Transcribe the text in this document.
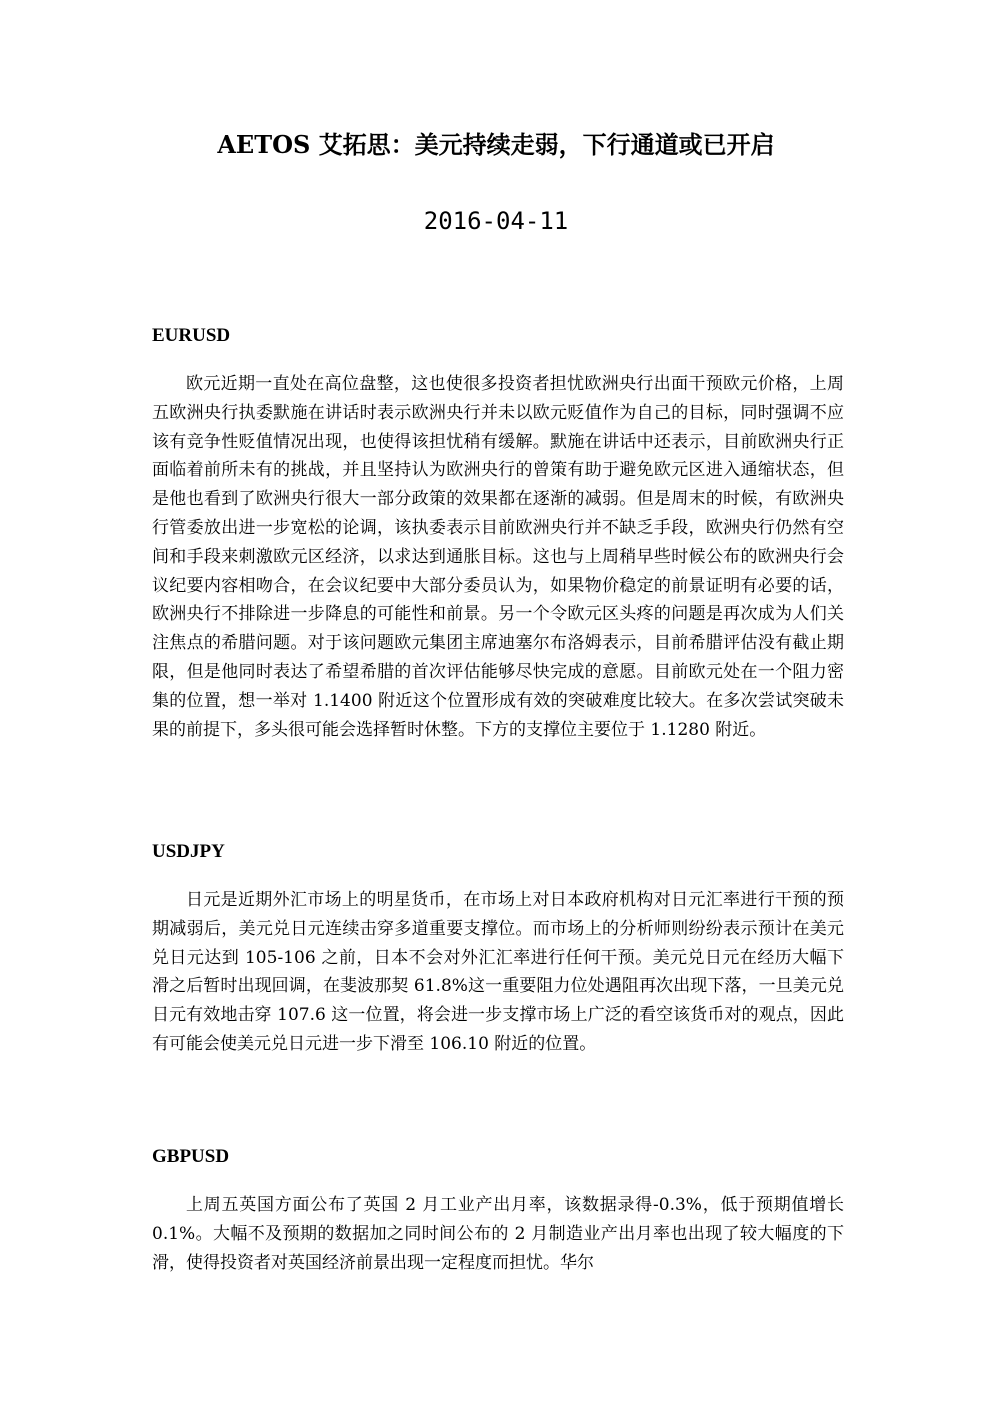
AETOS 艾拓思：美元持续走弱，下行通道或已开启
2016-04-11
EURUSD

欧元近期一直处在高位盘整，这也使很多投资者担忧欧洲央行出面干预欧元价格，上周五欧洲央行执委默施在讲话时表示欧洲央行并未以欧元贬值作为自己的目标，同时强调不应该有竞争性贬值情况出现，也使得该担忧稍有缓解。默施在讲话中还表示，目前欧洲央行正面临着前所未有的挑战，并且坚持认为欧洲央行的曾策有助于避免欧元区进入通缩状态，但是他也看到了欧洲央行很大一部分政策的效果都在逐渐的减弱。但是周末的时候，有欧洲央行管委放出进一步宽松的论调，该执委表示目前欧洲央行并不缺乏手段，欧洲央行仍然有空间和手段来刺激欧元区经济，以求达到通胀目标。这也与上周稍早些时候公布的欧洲央行会议纪要内容相吻合，在会议纪要中大部分委员认为，如果物价稳定的前景证明有必要的话，欧洲央行不排除进一步降息的可能性和前景。另一个令欧元区头疼的问题是再次成为人们关注焦点的希腊问题。对于该问题欧元集团主席迪塞尔布洛姆表示，目前希腊评估没有截止期限，但是他同时表达了希望希腊的首次评估能够尽快完成的意愿。目前欧元处在一个阻力密集的位置，想一举对 1.1400 附近这个位置形成有效的突破难度比较大。在多次尝试突破未果的前提下，多头很可能会选择暂时休整。下方的支撑位主要位于 1.1280 附近。

USDJPY

日元是近期外汇市场上的明星货币，在市场上对日本政府机构对日元汇率进行干预的预期减弱后，美元兑日元连续击穿多道重要支撑位。而市场上的分析师则纷纷表示预计在美元兑日元达到 105-106 之前，日本不会对外汇汇率进行任何干预。美元兑日元在经历大幅下滑之后暂时出现回调，在斐波那契 61.8%这一重要阻力位处遇阻再次出现下落，一旦美元兑日元有效地击穿 107.6 这一位置，将会进一步支撑市场上广泛的看空该货币对的观点，因此有可能会使美元兑日元进一步下滑至 106.10 附近的位置。

GBPUSD

上周五英国方面公布了英国 2 月工业产出月率，该数据录得-0.3%，低于预期值增长 0.1%。大幅不及预期的数据加之同时间公布的 2 月制造业产出月率也出现了较大幅度的下滑，使得投资者对英国经济前景出现一定程度而担忧。华尔
